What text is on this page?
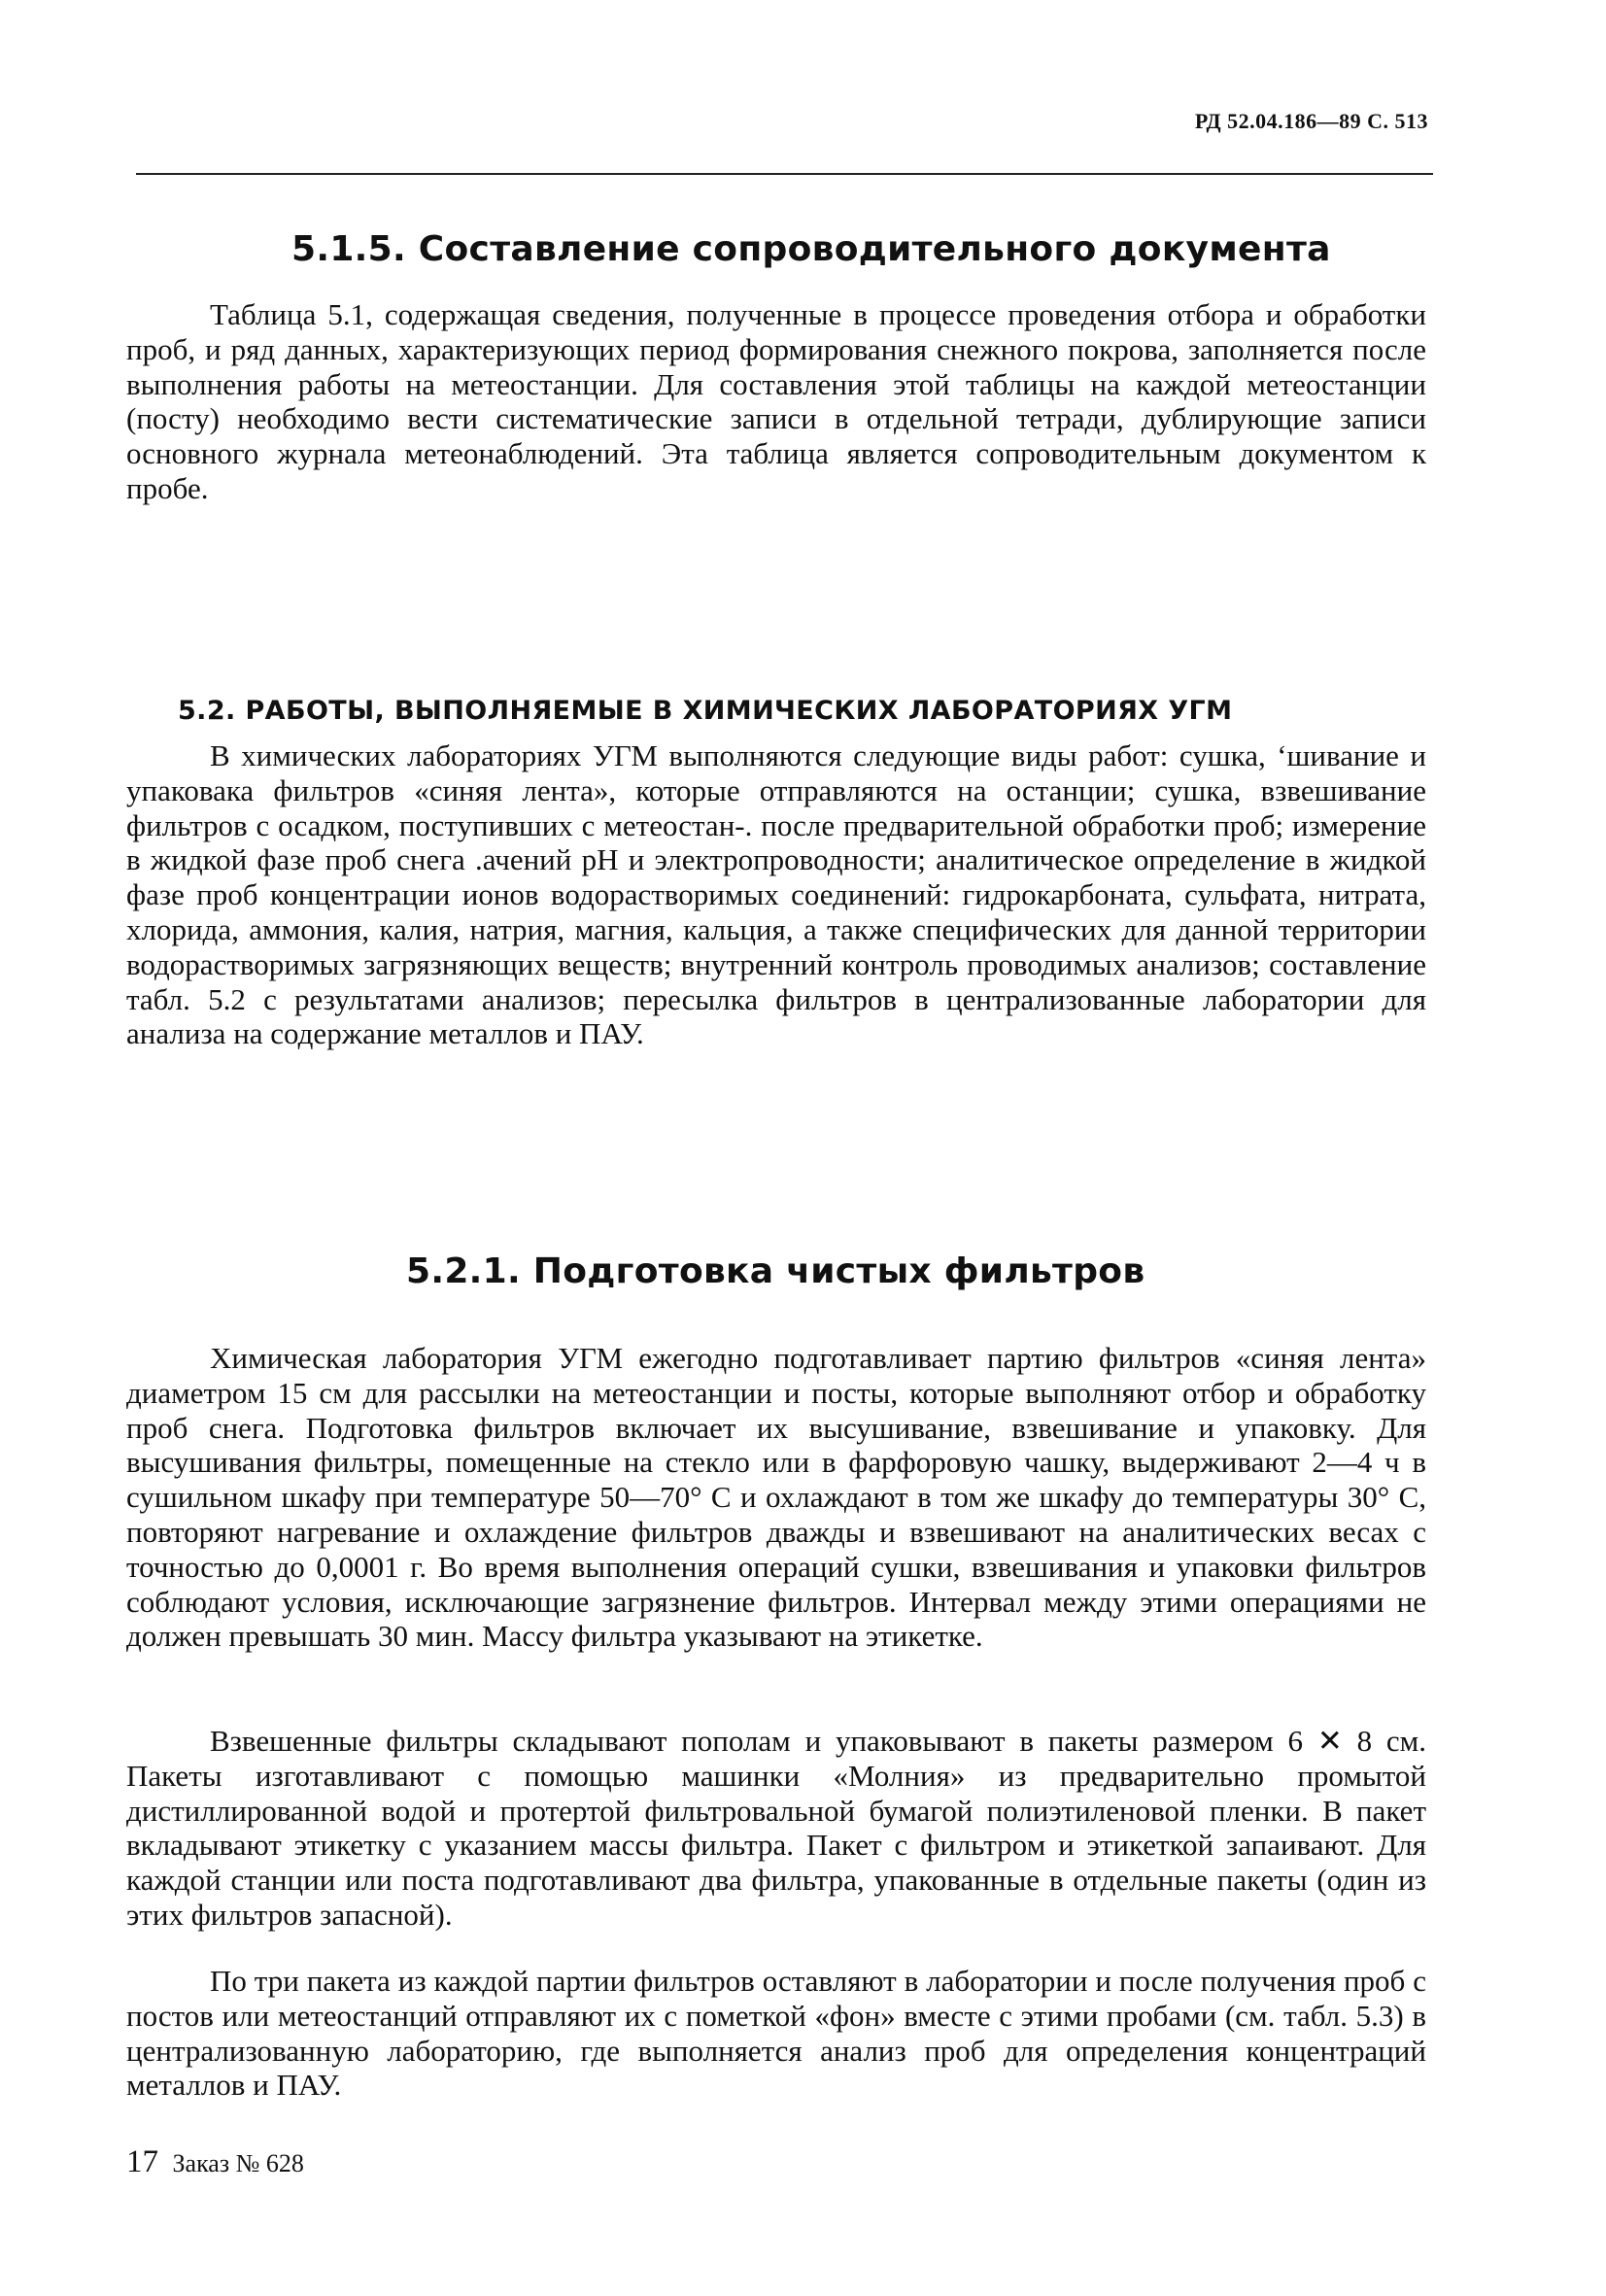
РД 52.04.186—89 С. 513
5.1.5. Составление сопроводительного документа

Таблица 5.1, содержащая сведения, полученные в процессе проведения отбора и обработки проб, и ряд данных, характеризующих период формирования снежного покрова, заполняется после выполнения работы на метеостанции. Для составления этой таблицы на каждой метеостанции (посту) необходимо вести систематические записи в отдельной тетради, дублирующие записи основного журнала метеонаблюдений. Эта таблица является сопроводительным документом к пробе.

5.2. РАБОТЫ, ВЫПОЛНЯЕМЫЕ В ХИМИЧЕСКИХ ЛАБОРАТОРИЯХ УГМ

В химических лабораториях УГМ выполняются следующие виды работ: сушка, ‘шивание и упаковака фильтров «синяя лента», которые отправляются на останции; сушка, взвешивание фильтров с осадком, поступивших с метеостан-. после предварительной обработки проб; измерение в жидкой фазе проб снега .ачений pH и электропроводности; аналитическое определение в жидкой фазе проб концентрации ионов водорастворимых соединений: гидрокарбоната, сульфата, нитрата, хлорида, аммония, калия, натрия, магния, кальция, а также специфических для данной территории водорастворимых загрязняющих веществ; внутренний контроль проводимых анализов; составление табл. 5.2 с результатами анализов; пересылка фильтров в централизованные лаборатории для анализа на содержание металлов и ПАУ.

5.2.1. Подготовка чистых фильтров

Химическая лаборатория УГМ ежегодно подготавливает партию фильтров «синяя лента» диаметром 15 см для рассылки на метеостанции и посты, которые выполняют отбор и обработку проб снега. Подготовка фильтров включает их высушивание, взвешивание и упаковку. Для высушивания фильтры, помещенные на стекло или в фарфоровую чашку, выдерживают 2—4 ч в сушильном шкафу при температуре 50—70° С и охлаждают в том же шкафу до температуры 30° С, повторяют нагревание и охлаждение фильтров дважды и взвешивают на аналитических весах с точностью до 0,0001 г. Во время выполнения операций сушки, взвешивания и упаковки фильтров соблюдают условия, исключающие загрязнение фильтров. Интервал между этими операциями не должен превышать 30 мин. Массу фильтра указывают на этикетке.

Взвешенные фильтры складывают пополам и упаковывают в пакеты размером 6 ✕ 8 см. Пакеты изготавливают с помощью машинки «Молния» из предварительно промытой дистиллированной водой и протертой фильтровальной бумагой полиэтиленовой пленки. В пакет вкладывают этикетку с указанием массы фильтра. Пакет с фильтром и этикеткой запаивают. Для каждой станции или поста подготавливают два фильтра, упакованные в отдельные пакеты (один из этих фильтров запасной).

По три пакета из каждой партии фильтров оставляют в лаборатории и после получения проб с постов или метеостанций отправляют их с пометкой «фон» вместе с этими пробами (см. табл. 5.3) в централизованную лабораторию, где выполняется анализ проб для определения концентраций металлов и ПАУ.

17 Заказ № 628
